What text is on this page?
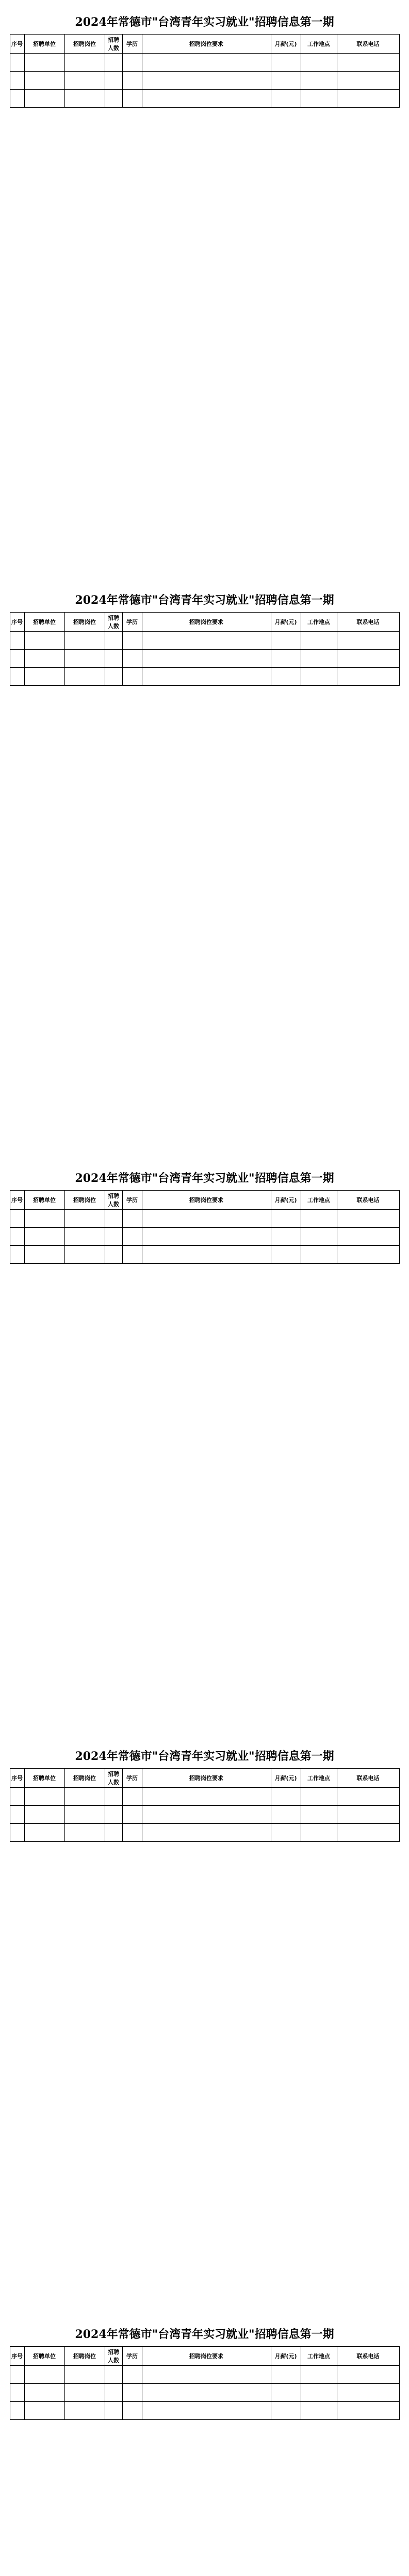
2024年常德市"台湾青年实习就业"招聘信息第一期
序号	招聘单位	招聘岗位	招聘人数	学历	招聘岗位要求	月薪(元)	工作地点	联系电话

2024年常德市"台湾青年实习就业"招聘信息第一期
序号	招聘单位	招聘岗位	招聘人数	学历	招聘岗位要求	月薪(元)	工作地点	联系电话

2024年常德市"台湾青年实习就业"招聘信息第一期
序号	招聘单位	招聘岗位	招聘人数	学历	招聘岗位要求	月薪(元)	工作地点	联系电话

2024年常德市"台湾青年实习就业"招聘信息第一期
序号	招聘单位	招聘岗位	招聘人数	学历	招聘岗位要求	月薪(元)	工作地点	联系电话

2024年常德市"台湾青年实习就业"招聘信息第一期
序号	招聘单位	招聘岗位	招聘人数	学历	招聘岗位要求	月薪(元)	工作地点	联系电话
